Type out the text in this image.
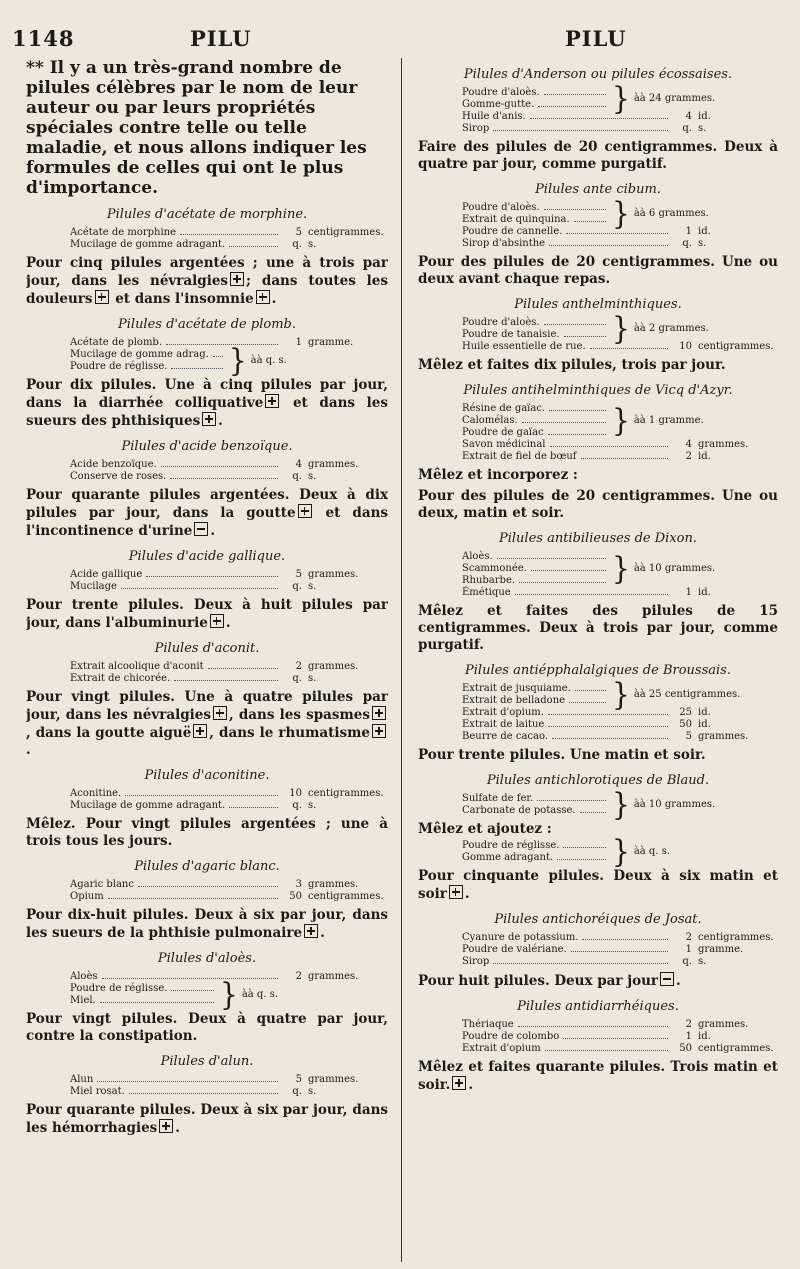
1148	PILU	PILU

** Il y a un très-grand nombre de pilules célèbres par le nom de leur auteur ou par leurs propriétés spéciales contre telle ou telle maladie, et nous allons indiquer les formules de celles qui ont le plus d'importance.

Pilules d'acétate de morphine.
Acétate de morphine	5 centigrammes.
Mucilage de gomme adragant.	q. s.

Pour cinq pilules argentées ; une à trois par jour, dans les névralgies ; dans toutes les douleurs
et dans l'insomnie .

Pilules d'acétate de plomb.
Acétate de plomb.	1 gramme.
Mucilage de gomme adrag.
Poudre de réglisse. } àà q. s.

Pour dix pilules. Une à cinq pilules par jour, dans la diarrhée colliquative
et dans les sueurs des phthisiques .

Pilules d'acide benzoïque.
Acide benzoïque.	4 grammes.
Conserve de roses.	q. s.

Pour quarante pilules argentées. Deux à dix pilules par jour, dans la goutte
et dans l'incontinence d'urine .

Pilules d'acide gallique.
Acide gallique	5 grammes.
Mucilage	q. s.

Pour trente pilules. Deux à huit pilules par jour, dans l'albuminurie .

Pilules d'aconit.
Extrait alcoolique d'aconit	2 grammes.
Extrait de chicorée.	q. s.

Pour vingt pilules. Une à quatre pilules par jour, dans les névralgies , dans les spasmes
, dans la goutte aiguë , dans le rhumatisme
.

Pilules d'aconitine.
Aconitine.	10 centigrammes.
Mucilage de gomme adragant.	q. s.

Mêlez. Pour vingt pilules argentées ; une à trois tous les jours.

Pilules d'agaric blanc.
Agaric blanc	3 grammes.
Opium	50 centigrammes.

Pour dix-huit pilules. Deux à six par jour, dans les sueurs de la phthisie pulmonaire .

Pilules d'aloès.
Aloès	2 grammes.
Poudre de réglisse.
Miel.	} àà q. s.

Pour vingt pilules. Deux à quatre par jour, contre la constipation.

Pilules d'alun.
Alun	5 grammes.
Miel rosat.	q. s.

Pour quarante pilules. Deux à six par jour, dans les hémorrhagies .

Pilules d'Anderson ou pilules écossaises.
Poudre d'aloès.
Gomme-gutte.	} àà 24 grammes.
Huile d'anis.	4 id.
Sirop	q. s.

Faire des pilules de 20 centigrammes. Deux à quatre par jour, comme purgatif.

Pilules ante cibum.
Poudre d'aloès.
Extrait de quinquina. } àà 6 grammes.
Poudre de cannelle.	1 id.
Sirop d'absinthe	q. s.

Pour des pilules de 20 centigrammes. Une ou deux avant chaque repas.

Pilules anthelminthiques.
Poudre d'aloès.
Poudre de tanaisie. } àà 2 grammes.
Huile essentielle de rue.	10 centigrammes.

Mêlez et faites dix pilules, trois par jour.

Pilules antihelminthiques de Vicq d'Azyr.
Résine de gaïac.
Calomélas.
Poudre de gaïac } àà 1 gramme.
Savon médicinal	4 grammes.
Extrait de fiel de bœuf	2 id.
Mêlez et incorporez :

Pour des pilules de 20 centigrammes. Une ou deux, matin et soir.

Pilules antibilieuses de Dixon.
Aloès.
Scammonée.
Rhubarbe.	} àà 10 grammes.
Émétique	1 id.

Mêlez et faites des pilules de 15 centigrammes. Deux à trois par jour, comme purgatif.

Pilules antiépphalalgiques de Broussais.
Extrait de jusquiame.
Extrait de belladone } àà 25 centigrammes.
Extrait d'opium.	25 id.
Extrait de laitue	50 id.
Beurre de cacao.	5 grammes.

Pour trente pilules. Une matin et soir.

Pilules antichlorotiques de Blaud.
Sulfate de fer.
Carbonate de potasse. } àà 10 grammes.
Mêlez et ajoutez :
Poudre de réglisse.
Gomme adragant. } àà q. s.

Pour cinquante pilules. Deux à six matin et soir .

Pilules antichoréiques de Josat.
Cyanure de potassium.	2 centigrammes.
Poudre de valériane.	1 gramme.
Sirop	q. s.

Pour huit pilules. Deux par jour .

Pilules antidiarrhéiques.
Thériaque	2 grammes.
Poudre de colombo	1 id.
Extrait d'opium	50 centigrammes.

Mêlez et faites quarante pilules. Trois matin et soir. .
